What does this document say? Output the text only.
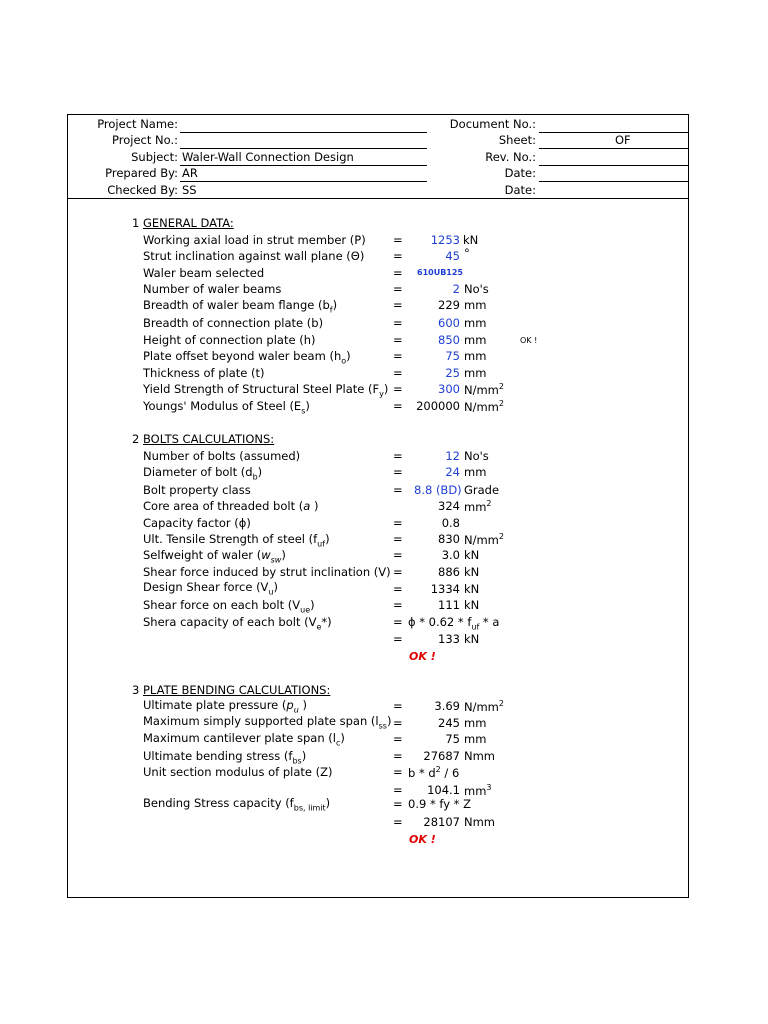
Project Name:
Project No.:
Subject: Waler-Wall Connection Design
Prepared By: AR
Checked By: SS
Document No.:
Sheet:	OF
Rev. No.:
Date:
Date:
1 GENERAL DATA:
Working axial load in strut member (P) =	1253 kN
Strut inclination against wall plane (Θ) =	45 °
Waler beam selected	= 610UB125
Number of waler beams	=	2 No's
Breadth of waler beam flange $(b_f)$	=	229 mm
Breadth of connection plate (b)	=	600 mm
Height of connection plate (h)	=	850 mm	OK !
Plate offset beyond waler beam $(h_o)$	=	75 mm
Thickness of plate (t)	=	25 mm
Yield Strength of Structural Steel Plate $(F_y)$ =	300 $N/mm^2$
Youngs' Modulus of Steel $(E_s)$	=	200000 $N/mm^2$
2 BOLTS CALCULATIONS:
Number of bolts (assumed)	=	12 No's
Diameter of bolt $(d_b)$	=	24 mm
Bolt property class	= 8.8 (BD) Grade
Core area of threaded bolt (a )	324 $mm^2$
Capacity factor (ϕ)	=	0.8
Ult. Tensile Strength of steel $(f_{uf})$	=	830 $N/mm^2$
Selfweight of waler $(w_{sw})$	=	3.0 kN
Shear force induced by strut inclination (V) =	886 kN
Design Shear force $(V_u)$	=	1334 kN
Shear force on each bolt $(V_{ue})$	=	111 kN
Shera capacity of each bolt $(V_e*)$	= ϕ * $0.62 * f_{uf}$ * a
=	133 kN
OK !
3 PLATE BENDING CALCULATIONS:
Ultimate plate pressure ($p_u$ )	=	3.69 $N/mm^2$
Maximum simply supported plate span $(l_{ss})$ =	245 mm
Maximum cantilever plate span $(l_c)$	=	75 mm
Ultimate bending stress $(f_{bs})$	=	27687 Nmm
Unit section modulus of plate (Z)	= b * $d^2 / 6$
=	104.1 $mm^3$
Bending Stress capacity $(f_{bs, limit})$	= 0.9 * fy * Z
=	28107 Nmm
OK !
